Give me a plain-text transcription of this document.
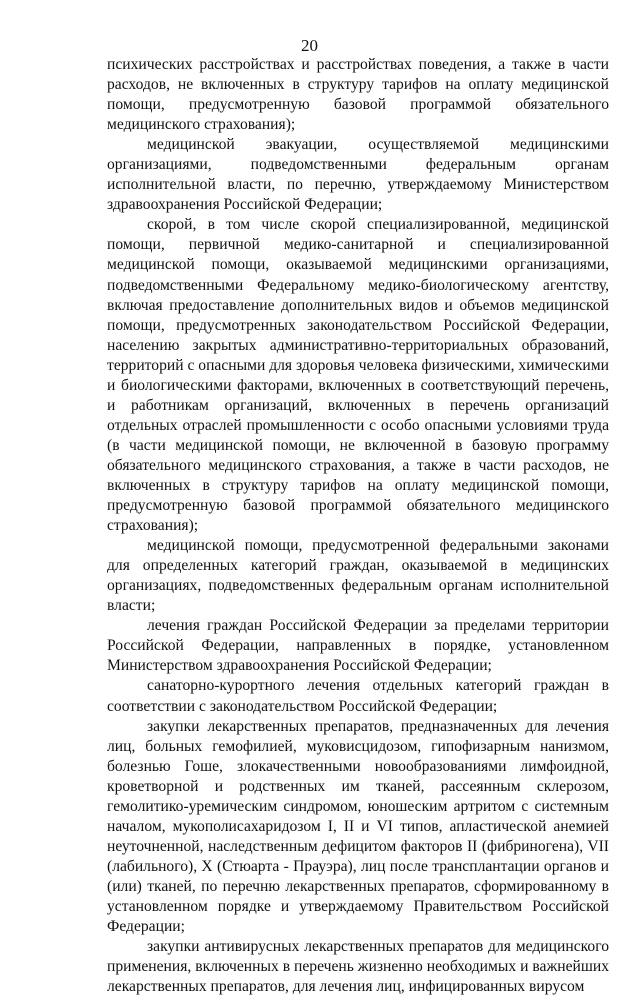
20

психических расстройствах и расстройствах поведения, а также в части расходов, не включенных в структуру тарифов на оплату медицинской помощи, предусмотренную базовой программой обязательного медицинского страхования);

медицинской эвакуации, осуществляемой медицинскими организациями, подведомственными федеральным органам исполнительной власти, по перечню, утверждаемому Министерством здравоохранения Российской Федерации;

скорой, в том числе скорой специализированной, медицинской помощи, первичной медико-санитарной и специализированной медицинской помощи, оказываемой медицинскими организациями, подведомственными Федеральному медико-биологическому агентству, включая предоставление дополнительных видов и объемов медицинской помощи, предусмотренных законодательством Российской Федерации, населению закрытых административно-территориальных образований, территорий с опасными для здоровья человека физическими, химическими и биологическими факторами, включенных в соответствующий перечень, и работникам организаций, включенных в перечень организаций отдельных отраслей промышленности с особо опасными условиями труда (в части медицинской помощи, не включенной в базовую программу обязательного медицинского страхования, а также в части расходов, не включенных в структуру тарифов на оплату медицинской помощи, предусмотренную базовой программой обязательного медицинского страхования);

медицинской помощи, предусмотренной федеральными законами для определенных категорий граждан, оказываемой в медицинских организациях, подведомственных федеральным органам исполнительной власти;

лечения граждан Российской Федерации за пределами территории Российской Федерации, направленных в порядке, установленном Министерством здравоохранения Российской Федерации;

санаторно-курортного лечения отдельных категорий граждан в соответствии с законодательством Российской Федерации;

закупки лекарственных препаратов, предназначенных для лечения лиц, больных гемофилией, муковисцидозом, гипофизарным нанизмом, болезнью Гоше, злокачественными новообразованиями лимфоидной, кроветворной и родственных им тканей, рассеянным склерозом, гемолитико-уремическим синдромом, юношеским артритом с системным началом, мукополисахаридозом I, II и VI типов, апластической анемией неуточненной, наследственным дефицитом факторов II (фибриногена), VII (лабильного), X (Стюарта - Прауэра), лиц после трансплантации органов и (или) тканей, по перечню лекарственных препаратов, сформированному в установленном порядке и утверждаемому Правительством Российской Федерации;

закупки антивирусных лекарственных препаратов для медицинского применения, включенных в перечень жизненно необходимых и важнейших лекарственных препаратов, для лечения лиц, инфицированных вирусом
